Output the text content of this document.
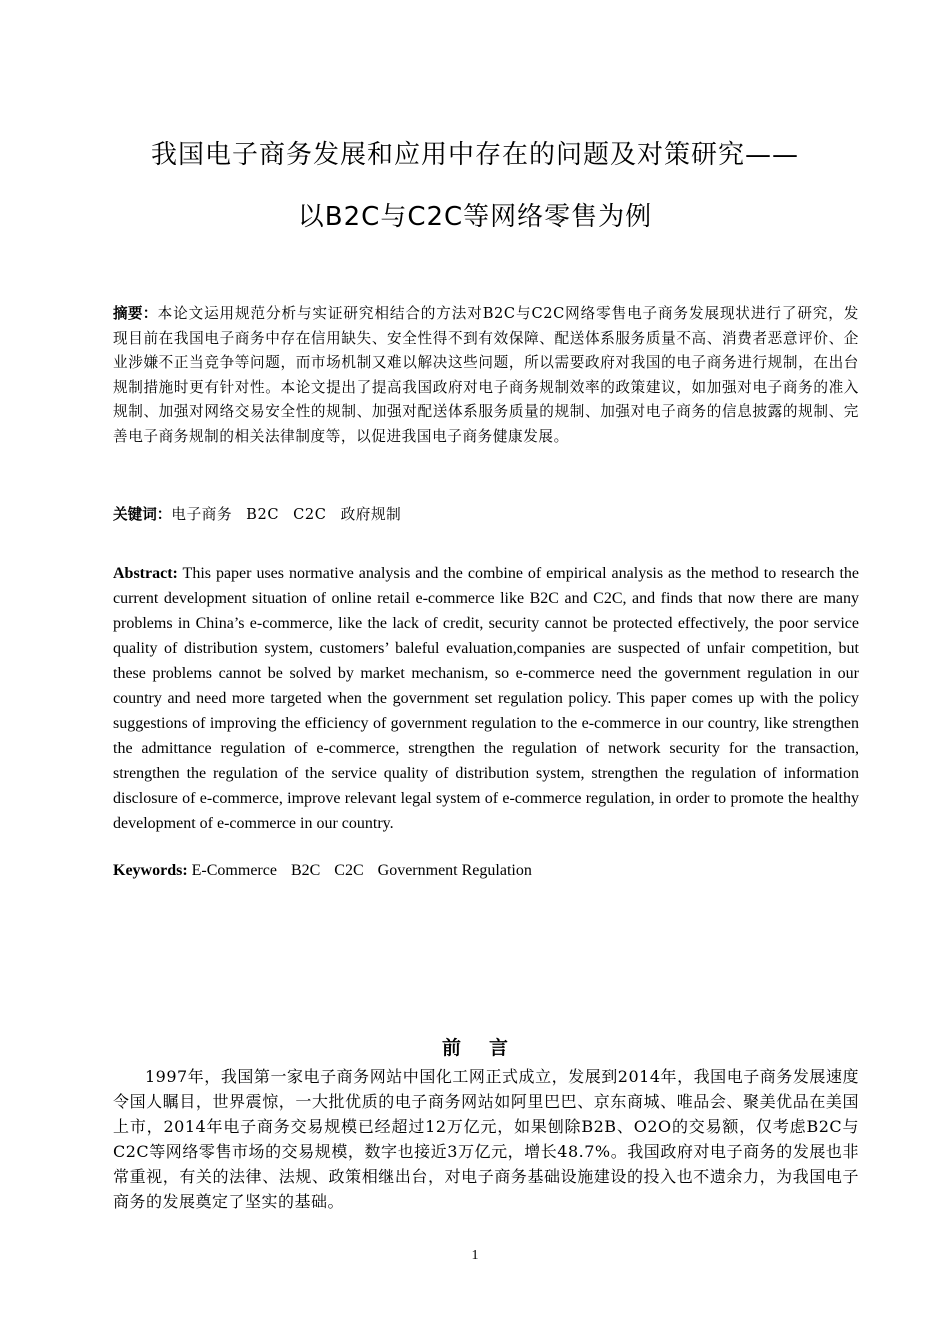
我国电子商务发展和应用中存在的问题及对策研究——
以B2C与C2C等网络零售为例
摘要：本论文运用规范分析与实证研究相结合的方法对B2C与C2C网络零售电子商务发展现状进行了研究，发现目前在我国电子商务中存在信用缺失、安全性得不到有效保障、配送体系服务质量不高、消费者恶意评价、企业涉嫌不正当竞争等问题，而市场机制又难以解决这些问题，所以需要政府对我国的电子商务进行规制，在出台规制措施时更有针对性。本论文提出了提高我国政府对电子商务规制效率的政策建议，如加强对电子商务的准入规制、加强对网络交易安全性的规制、加强对配送体系服务质量的规制、加强对电子商务的信息披露的规制、完善电子商务规制的相关法律制度等，以促进我国电子商务健康发展。
关键词：电子商务 B2C C2C 政府规制
Abstract: This paper uses normative analysis and the combine of empirical analysis as the method to research the current development situation of online retail e-commerce like B2C and C2C, and finds that now there are many problems in China’s e-commerce, like the lack of credit, security cannot be protected effectively, the poor service quality of distribution system, customers’ baleful evaluation,companies are suspected of unfair competition, but these problems cannot be solved by market mechanism, so e-commerce need the government regulation in our country and need more targeted when the government set regulation policy. This paper comes up with the policy suggestions of improving the efficiency of government regulation to the e-commerce in our country, like strengthen the admittance regulation of e-commerce, strengthen the regulation of network security for the transaction, strengthen the regulation of the service quality of distribution system, strengthen the regulation of information disclosure of e-commerce, improve relevant legal system of e-commerce regulation, in order to promote the healthy development of e-commerce in our country.
Keywords: E-Commerce B2C C2C Government Regulation
前言
1997年，我国第一家电子商务网站中国化工网正式成立，发展到2014年，我国电子商务发展速度令国人瞩目，世界震惊，一大批优质的电子商务网站如阿里巴巴、京东商城、唯品会、聚美优品在美国上市，2014年电子商务交易规模已经超过12万亿元，如果刨除B2B、O2O的交易额，仅考虑B2C与C2C等网络零售市场的交易规模，数字也接近3万亿元，增长48.7%。我国政府对电子商务的发展也非常重视，有关的法律、法规、政策相继出台，对电子商务基础设施建设的投入也不遗余力，为我国电子商务的发展奠定了坚实的基础。
1
